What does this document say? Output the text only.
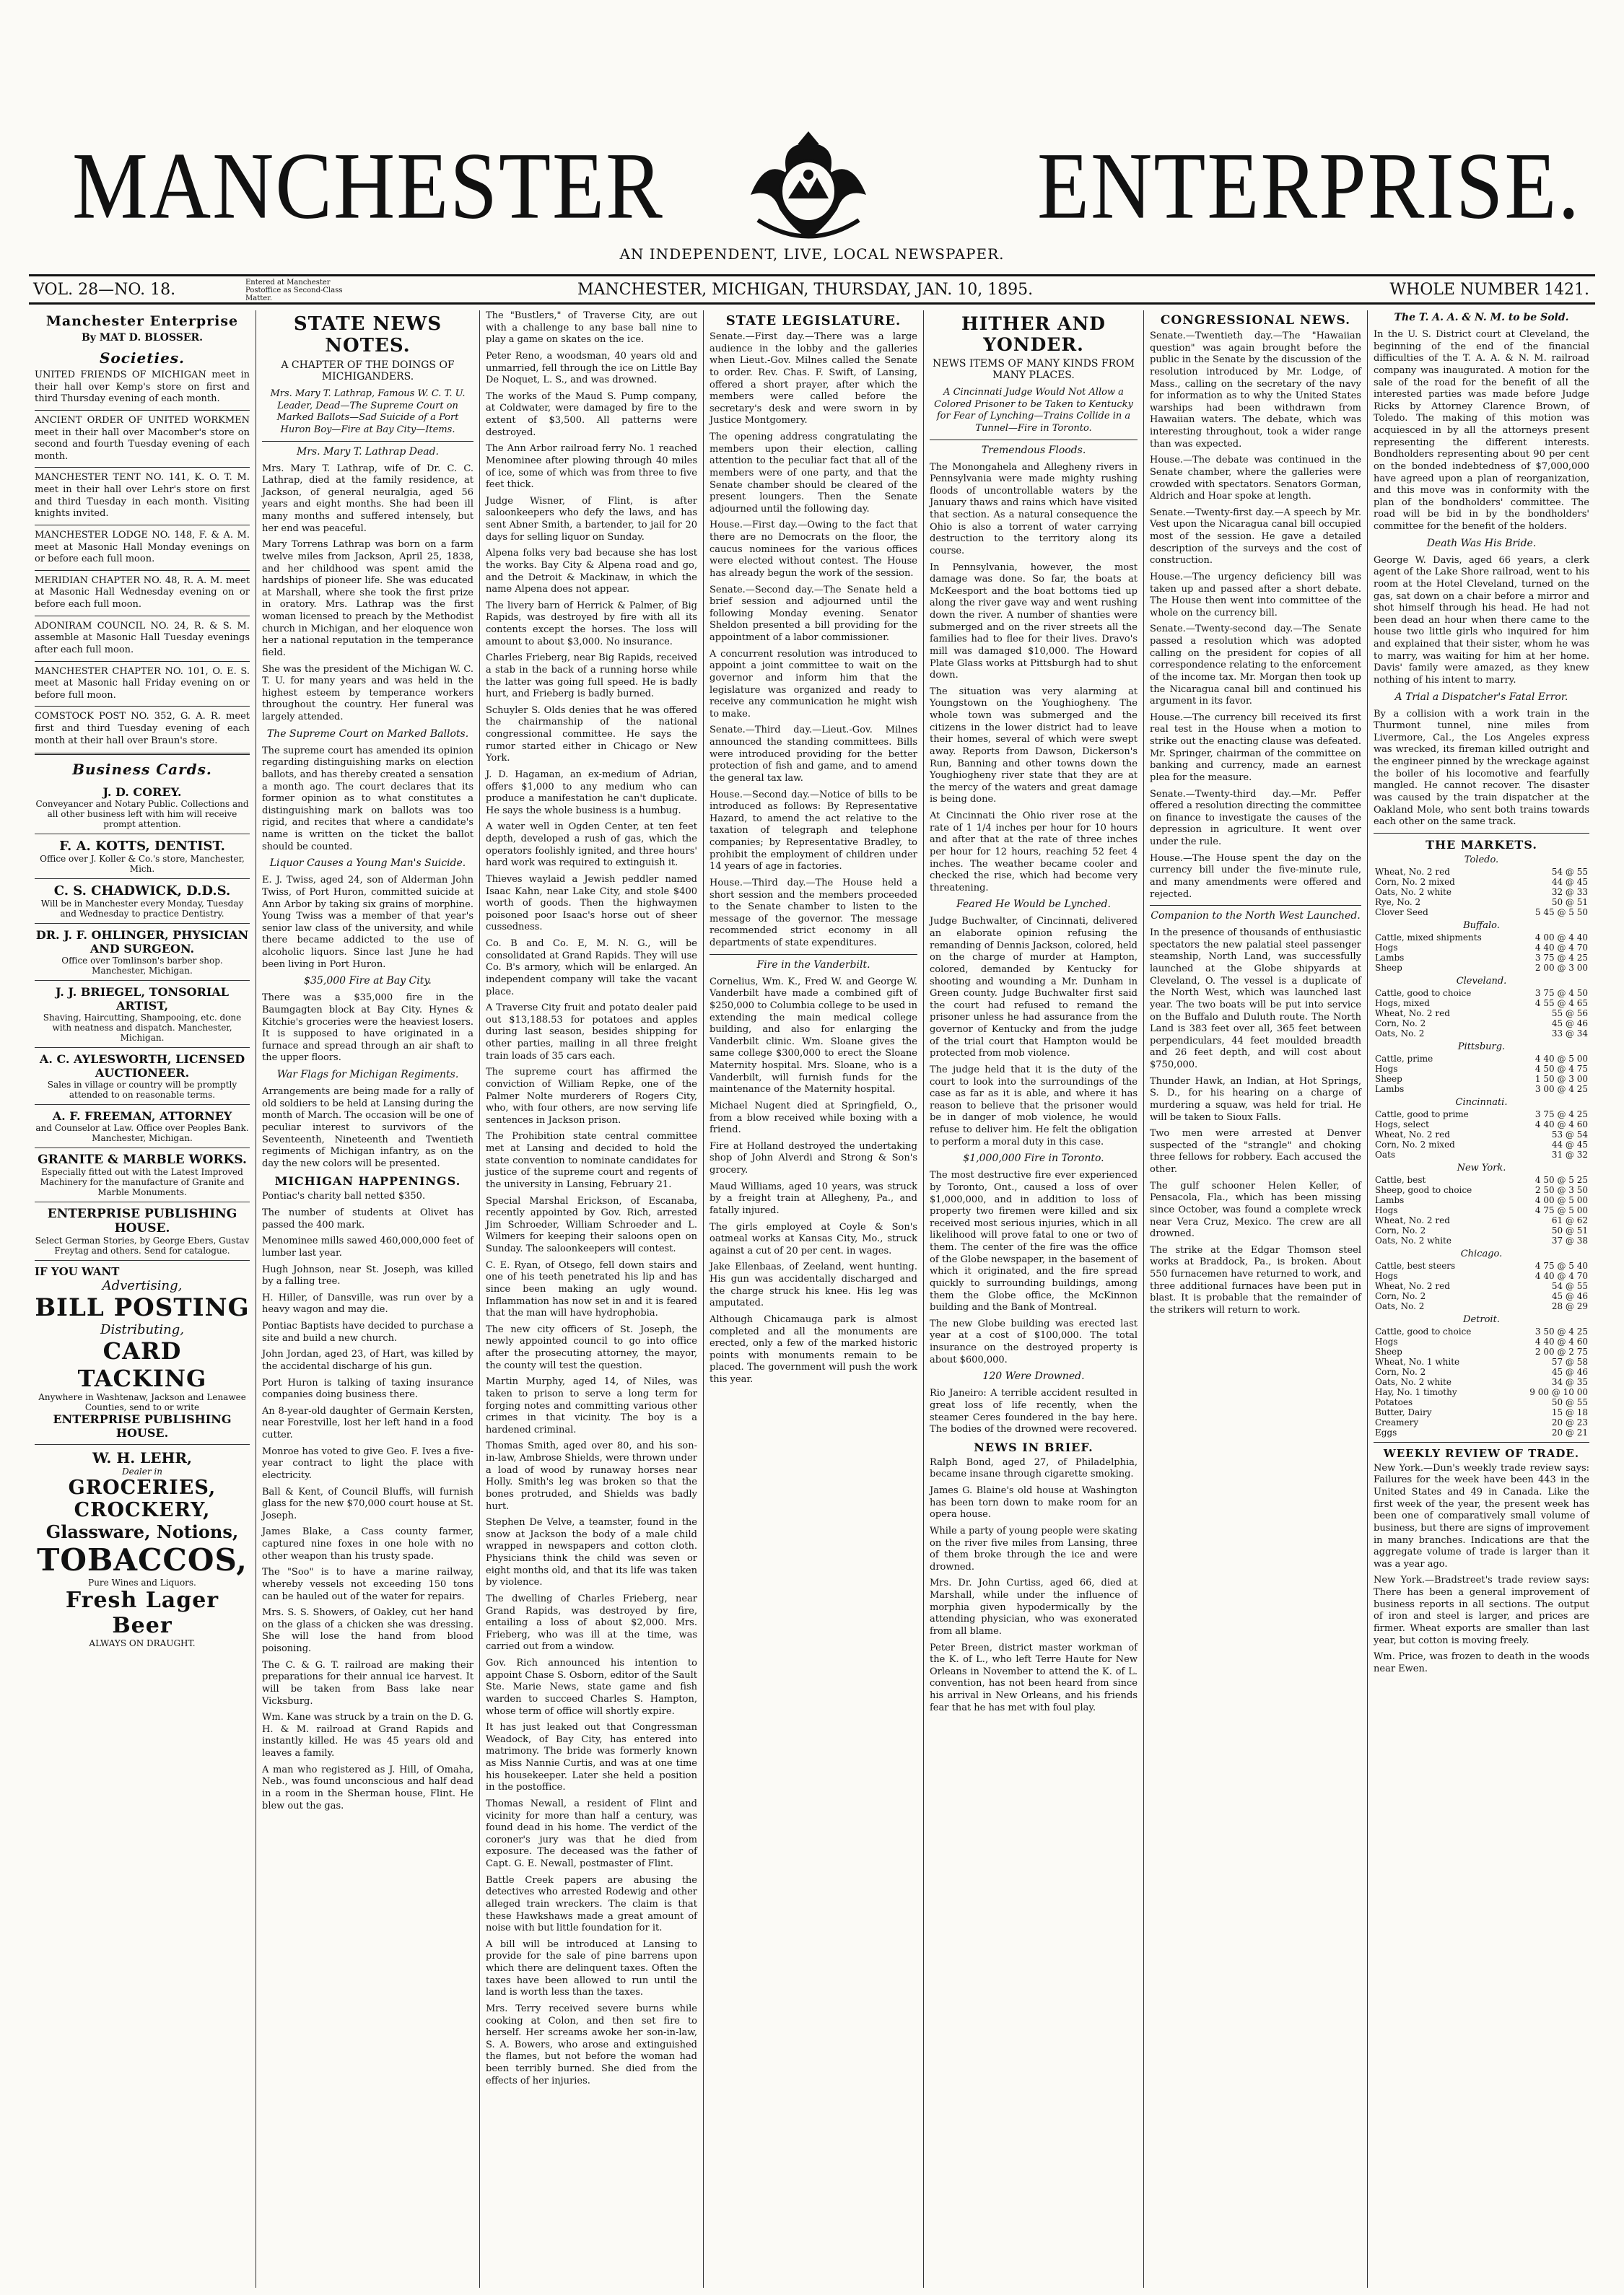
MANCHESTER	ENTERPRISE.
AN INDEPENDENT, LIVE, LOCAL NEWSPAPER.
VOL. 28—NO. 18.	Entered at Manchester Postoffice as Second-Class Matter.	MANCHESTER, MICHIGAN, THURSDAY, JAN. 10, 1895.	WHOLE NUMBER 1421.
Manchester Enterprise
By MAT D. BLOSSER.
Societies.
UNITED FRIENDS OF MICHIGAN meet in their hall over Kemp's store on first and third Thursday evening of each month.
ANCIENT ORDER OF UNITED WORKMEN meet in their hall over Macomber's store on second and fourth Tuesday evening of each month.
MANCHESTER TENT NO. 141, K. O. T. M. meet in their hall over Lehr's store on first and third Tuesday in each month. Visiting knights invited.
MANCHESTER LODGE NO. 148, F. & A. M. meet at Masonic Hall Monday evenings on or before each full moon.
MERIDIAN CHAPTER NO. 48, R. A. M. meet at Masonic Hall Wednesday evening on or before each full moon.
ADONIRAM COUNCIL NO. 24, R. & S. M. assemble at Masonic Hall Tuesday evenings after each full moon.
MANCHESTER CHAPTER NO. 101, O. E. S. meet at Masonic hall Friday evening on or before full moon.
COMSTOCK POST NO. 352, G. A. R. meet first and third Tuesday evening of each month at their hall over Braun's store.
Business Cards.
J. D. COREY.
Conveyancer and Notary Public. Collections and all other business left with him will receive prompt attention.
F. A. KOTTS, DENTIST.
Office over J. Koller & Co.'s store, Manchester, Mich.
C. S. CHADWICK, D.D.S.
Will be in Manchester every Monday, Tuesday and Wednesday to practice Dentistry.
DR. J. F. OHLINGER, PHYSICIAN AND SURGEON.
Office over Tomlinson's barber shop. Manchester, Michigan.
J. J. BRIEGEL, TONSORIAL ARTIST,
Shaving, Haircutting, Shampooing, etc. done with neatness and dispatch. Manchester, Michigan.
A. C. AYLESWORTH, LICENSED AUCTIONEER.
Sales in village or country will be promptly attended to on reasonable terms.
A. F. FREEMAN, ATTORNEY
and Counselor at Law. Office over Peoples Bank. Manchester, Michigan.
GRANITE & MARBLE WORKS.
Especially fitted out with the Latest Improved Machinery for the manufacture of Granite and Marble Monuments.
ENTERPRISE PUBLISHING HOUSE.
Select German Stories, by George Ebers, Gustav Freytag and others. Send for catalogue.
IF YOU WANT
Advertising,
BILL POSTING
Distributing,
CARD TACKING
Anywhere in Washtenaw, Jackson and Lenawee Counties, send to or write
ENTERPRISE PUBLISHING HOUSE.
W. H. LEHR,
Dealer in
GROCERIES, CROCKERY,
Glassware, Notions,
TOBACCOS,
Pure Wines and Liquors.
Fresh Lager Beer
ALWAYS ON DRAUGHT.
STATE NEWS NOTES.
A CHAPTER OF THE DOINGS OF MICHIGANDERS.
Mrs. Mary T. Lathrap, Famous W. C. T. U. Leader, Dead—The Supreme Court on Marked Ballots—Sad Suicide of a Port Huron Boy—Fire at Bay City—Items.
Mrs. Mary T. Lathrap Dead.
Mrs. Mary T. Lathrap, wife of Dr. C. C. Lathrap, died at the family residence, at Jackson, of general neuralgia, aged 56 years and eight months. She had been ill many months and suffered intensely, but her end was peaceful.
Mary Torrens Lathrap was born on a farm twelve miles from Jackson, April 25, 1838, and her childhood was spent amid the hardships of pioneer life. She was educated at Marshall, where she took the first prize in oratory. Mrs. Lathrap was the first woman licensed to preach by the Methodist church in Michigan, and her eloquence won her a national reputation in the temperance field.
She was the president of the Michigan W. C. T. U. for many years and was held in the highest esteem by temperance workers throughout the country. Her funeral was largely attended.
The Supreme Court on Marked Ballots.
The supreme court has amended its opinion regarding distinguishing marks on election ballots, and has thereby created a sensation a month ago. The court declares that its former opinion as to what constitutes a distinguishing mark on ballots was too rigid, and recites that where a candidate's name is written on the ticket the ballot should be counted.
Liquor Causes a Young Man's Suicide.
E. J. Twiss, aged 24, son of Alderman John Twiss, of Port Huron, committed suicide at Ann Arbor by taking six grains of morphine. Young Twiss was a member of that year's senior law class of the university, and while there became addicted to the use of alcoholic liquors. Since last June he had been living in Port Huron.
$35,000 Fire at Bay City.
There was a $35,000 fire in the Baumgagten block at Bay City. Hynes & Kitchie's groceries were the heaviest losers. It is supposed to have originated in a furnace and spread through an air shaft to the upper floors.
War Flags for Michigan Regiments.
Arrangements are being made for a rally of old soldiers to be held at Lansing during the month of March. The occasion will be one of peculiar interest to survivors of the Seventeenth, Nineteenth and Twentieth regiments of Michigan infantry, as on the day the new colors will be presented.
MICHIGAN HAPPENINGS.
Pontiac's charity ball netted $350.
The number of students at Olivet has passed the 400 mark.
Menominee mills sawed 460,000,000 feet of lumber last year.
Hugh Johnson, near St. Joseph, was killed by a falling tree.
H. Hiller, of Dansville, was run over by a heavy wagon and may die.
Pontiac Baptists have decided to purchase a site and build a new church.
John Jordan, aged 23, of Hart, was killed by the accidental discharge of his gun.
Port Huron is talking of taxing insurance companies doing business there.
An 8-year-old daughter of Germain Kersten, near Forestville, lost her left hand in a food cutter.
Monroe has voted to give Geo. F. Ives a five-year contract to light the place with electricity.
Ball & Kent, of Council Bluffs, will furnish glass for the new $70,000 court house at St. Joseph.
James Blake, a Cass county farmer, captured nine foxes in one hole with no other weapon than his trusty spade.
The "Soo" is to have a marine railway, whereby vessels not exceeding 150 tons can be hauled out of the water for repairs.
Mrs. S. S. Showers, of Oakley, cut her hand on the glass of a chicken she was dressing. She will lose the hand from blood poisoning.
The C. & G. T. railroad are making their preparations for their annual ice harvest. It will be taken from Bass lake near Vicksburg.
Wm. Kane was struck by a train on the D. G. H. & M. railroad at Grand Rapids and instantly killed. He was 45 years old and leaves a family.
A man who registered as J. Hill, of Omaha, Neb., was found unconscious and half dead in a room in the Sherman house, Flint. He blew out the gas.
The "Bustlers," of Traverse City, are out with a challenge to any base ball nine to play a game on skates on the ice.
Peter Reno, a woodsman, 40 years old and unmarried, fell through the ice on Little Bay De Noquet, L. S., and was drowned.
The works of the Maud S. Pump company, at Coldwater, were damaged by fire to the extent of $3,500. All patterns were destroyed.
The Ann Arbor railroad ferry No. 1 reached Menominee after plowing through 40 miles of ice, some of which was from three to five feet thick.
Judge Wisner, of Flint, is after saloonkeepers who defy the laws, and has sent Abner Smith, a bartender, to jail for 20 days for selling liquor on Sunday.
Alpena folks very bad because she has lost the works. Bay City & Alpena road and go, and the Detroit & Mackinaw, in which the name Alpena does not appear.
The livery barn of Herrick & Palmer, of Big Rapids, was destroyed by fire with all its contents except the horses. The loss will amount to about $3,000. No insurance.
Charles Frieberg, near Big Rapids, received a stab in the back of a running horse while the latter was going full speed. He is badly hurt, and Frieberg is badly burned.
Schuyler S. Olds denies that he was offered the chairmanship of the national congressional committee. He says the rumor started either in Chicago or New York.
J. D. Hagaman, an ex-medium of Adrian, offers $1,000 to any medium who can produce a manifestation he can't duplicate. He says the whole business is a humbug.
A water well in Ogden Center, at ten feet depth, developed a rush of gas, which the operators foolishly ignited, and three hours' hard work was required to extinguish it.
Thieves waylaid a Jewish peddler named Isaac Kahn, near Lake City, and stole $400 worth of goods. Then the highwaymen poisoned poor Isaac's horse out of sheer cussedness.
Co. B and Co. E, M. N. G., will be consolidated at Grand Rapids. They will use Co. B's armory, which will be enlarged. An independent company will take the vacant place.
A Traverse City fruit and potato dealer paid out $13,188.53 for potatoes and apples during last season, besides shipping for other parties, mailing in all three freight train loads of 35 cars each.
The supreme court has affirmed the conviction of William Repke, one of the Palmer Nolte murderers of Rogers City, who, with four others, are now serving life sentences in Jackson prison.
The Prohibition state central committee met at Lansing and decided to hold the state convention to nominate candidates for justice of the supreme court and regents of the university in Lansing, February 21.
Special Marshal Erickson, of Escanaba, recently appointed by Gov. Rich, arrested Jim Schroeder, William Schroeder and L. Wilmers for keeping their saloons open on Sunday. The saloonkeepers will contest.
C. E. Ryan, of Otsego, fell down stairs and one of his teeth penetrated his lip and has since been making an ugly wound. Inflammation has now set in and it is feared that the man will have hydrophobia.
The new city officers of St. Joseph, the newly appointed council to go into office after the prosecuting attorney, the mayor, the county will test the question.
Martin Murphy, aged 14, of Niles, was taken to prison to serve a long term for forging notes and committing various other crimes in that vicinity. The boy is a hardened criminal.
Thomas Smith, aged over 80, and his son-in-law, Ambrose Shields, were thrown under a load of wood by runaway horses near Holly. Smith's leg was broken so that the bones protruded, and Shields was badly hurt.
Stephen De Velve, a teamster, found in the snow at Jackson the body of a male child wrapped in newspapers and cotton cloth. Physicians think the child was seven or eight months old, and that its life was taken by violence.
The dwelling of Charles Frieberg, near Grand Rapids, was destroyed by fire, entailing a loss of about $2,000. Mrs. Frieberg, who was ill at the time, was carried out from a window.
Gov. Rich announced his intention to appoint Chase S. Osborn, editor of the Sault Ste. Marie News, state game and fish warden to succeed Charles S. Hampton, whose term of office will shortly expire.
It has just leaked out that Congressman Weadock, of Bay City, has entered into matrimony. The bride was formerly known as Miss Nannie Curtis, and was at one time his housekeeper. Later she held a position in the postoffice.
Thomas Newall, a resident of Flint and vicinity for more than half a century, was found dead in his home. The verdict of the coroner's jury was that he died from exposure. The deceased was the father of Capt. G. E. Newall, postmaster of Flint.
Battle Creek papers are abusing the detectives who arrested Rodewig and other alleged train wreckers. The claim is that these Hawkshaws made a great amount of noise with but little foundation for it.
A bill will be introduced at Lansing to provide for the sale of pine barrens upon which there are delinquent taxes. Often the taxes have been allowed to run until the land is worth less than the taxes.
Mrs. Terry received severe burns while cooking at Colon, and then set fire to herself. Her screams awoke her son-in-law, S. A. Bowers, who arose and extinguished the flames, but not before the woman had been terribly burned. She died from the effects of her injuries.
STATE LEGISLATURE.
Senate.—First day.—There was a large audience in the lobby and the galleries when Lieut.-Gov. Milnes called the Senate to order. Rev. Chas. F. Swift, of Lansing, offered a short prayer, after which the members were called before the secretary's desk and were sworn in by Justice Montgomery.
The opening address congratulating the members upon their election, calling attention to the peculiar fact that all of the members were of one party, and that the Senate chamber should be cleared of the present loungers. Then the Senate adjourned until the following day.
House.—First day.—Owing to the fact that there are no Democrats on the floor, the caucus nominees for the various offices were elected without contest. The House has already begun the work of the session.
Senate.—Second day.—The Senate held a brief session and adjourned until the following Monday evening. Senator Sheldon presented a bill providing for the appointment of a labor commissioner.
A concurrent resolution was introduced to appoint a joint committee to wait on the governor and inform him that the legislature was organized and ready to receive any communication he might wish to make.
Senate.—Third day.—Lieut.-Gov. Milnes announced the standing committees. Bills were introduced providing for the better protection of fish and game, and to amend the general tax law.
House.—Second day.—Notice of bills to be introduced as follows: By Representative Hazard, to amend the act relative to the taxation of telegraph and telephone companies; by Representative Bradley, to prohibit the employment of children under 14 years of age in factories.
House.—Third day.—The House held a short session and the members proceeded to the Senate chamber to listen to the message of the governor. The message recommended strict economy in all departments of state expenditures.
Fire in the Vanderbilt.
Cornelius, Wm. K., Fred W. and George W. Vanderbilt have made a combined gift of $250,000 to Columbia college to be used in extending the main medical college building, and also for enlarging the Vanderbilt clinic. Wm. Sloane gives the same college $300,000 to erect the Sloane Maternity hospital. Mrs. Sloane, who is a Vanderbilt, will furnish funds for the maintenance of the Maternity hospital.
Michael Nugent died at Springfield, O., from a blow received while boxing with a friend.
Fire at Holland destroyed the undertaking shop of John Alverdi and Strong & Son's grocery.
Maud Williams, aged 10 years, was struck by a freight train at Allegheny, Pa., and fatally injured.
The girls employed at Coyle & Son's oatmeal works at Kansas City, Mo., struck against a cut of 20 per cent. in wages.
Jake Ellenbaas, of Zeeland, went hunting. His gun was accidentally discharged and the charge struck his knee. His leg was amputated.
Although Chicamauga park is almost completed and all the monuments are erected, only a few of the marked historic points with monuments remain to be placed. The government will push the work this year.
HITHER AND YONDER.
NEWS ITEMS OF MANY KINDS FROM MANY PLACES.
A Cincinnati Judge Would Not Allow a Colored Prisoner to be Taken to Kentucky for Fear of Lynching—Trains Collide in a Tunnel—Fire in Toronto.
Tremendous Floods.
The Monongahela and Allegheny rivers in Pennsylvania were made mighty rushing floods of uncontrollable waters by the January thaws and rains which have visited that section. As a natural consequence the Ohio is also a torrent of water carrying destruction to the territory along its course.
In Pennsylvania, however, the most damage was done. So far, the boats at McKeesport and the boat bottoms tied up along the river gave way and went rushing down the river. A number of shanties were submerged and on the river streets all the families had to flee for their lives. Dravo's mill was damaged $10,000. The Howard Plate Glass works at Pittsburgh had to shut down.
The situation was very alarming at Youngstown on the Youghiogheny. The whole town was submerged and the citizens in the lower district had to leave their homes, several of which were swept away. Reports from Dawson, Dickerson's Run, Banning and other towns down the Youghiogheny river state that they are at the mercy of the waters and great damage is being done.
At Cincinnati the Ohio river rose at the rate of 1 1/4 inches per hour for 10 hours and after that at the rate of three inches per hour for 12 hours, reaching 52 feet 4 inches. The weather became cooler and checked the rise, which had become very threatening.
Feared He Would be Lynched.
Judge Buchwalter, of Cincinnati, delivered an elaborate opinion refusing the remanding of Dennis Jackson, colored, held on the charge of murder at Hampton, colored, demanded by Kentucky for shooting and wounding a Mr. Dunham in Green county. Judge Buchwalter first said the court had refused to remand the prisoner unless he had assurance from the governor of Kentucky and from the judge of the trial court that Hampton would be protected from mob violence.
The judge held that it is the duty of the court to look into the surroundings of the case as far as it is able, and where it has reason to believe that the prisoner would be in danger of mob violence, he would refuse to deliver him. He felt the obligation to perform a moral duty in this case.
$1,000,000 Fire in Toronto.
The most destructive fire ever experienced by Toronto, Ont., caused a loss of over $1,000,000, and in addition to loss of property two firemen were killed and six received most serious injuries, which in all likelihood will prove fatal to one or two of them. The center of the fire was the office of the Globe newspaper, in the basement of which it originated, and the fire spread quickly to surrounding buildings, among them the Globe office, the McKinnon building and the Bank of Montreal.
The new Globe building was erected last year at a cost of $100,000. The total insurance on the destroyed property is about $600,000.
120 Were Drowned.
Rio Janeiro: A terrible accident resulted in great loss of life recently, when the steamer Ceres foundered in the bay here. The bodies of the drowned were recovered.
NEWS IN BRIEF.
Ralph Bond, aged 27, of Philadelphia, became insane through cigarette smoking.
James G. Blaine's old house at Washington has been torn down to make room for an opera house.
While a party of young people were skating on the river five miles from Lansing, three of them broke through the ice and were drowned.
Mrs. Dr. John Curtiss, aged 66, died at Marshall, while under the influence of morphia given hypodermically by the attending physician, who was exonerated from all blame.
Peter Breen, district master workman of the K. of L., who left Terre Haute for New Orleans in November to attend the K. of L. convention, has not been heard from since his arrival in New Orleans, and his friends fear that he has met with foul play.
CONGRESSIONAL NEWS.
Senate.—Twentieth day.—The "Hawaiian question" was again brought before the public in the Senate by the discussion of the resolution introduced by Mr. Lodge, of Mass., calling on the secretary of the navy for information as to why the United States warships had been withdrawn from Hawaiian waters. The debate, which was interesting throughout, took a wider range than was expected.
House.—The debate was continued in the Senate chamber, where the galleries were crowded with spectators. Senators Gorman, Aldrich and Hoar spoke at length.
Senate.—Twenty-first day.—A speech by Mr. Vest upon the Nicaragua canal bill occupied most of the session. He gave a detailed description of the surveys and the cost of construction.
House.—The urgency deficiency bill was taken up and passed after a short debate. The House then went into committee of the whole on the currency bill.
Senate.—Twenty-second day.—The Senate passed a resolution which was adopted calling on the president for copies of all correspondence relating to the enforcement of the income tax. Mr. Morgan then took up the Nicaragua canal bill and continued his argument in its favor.
House.—The currency bill received its first real test in the House when a motion to strike out the enacting clause was defeated. Mr. Springer, chairman of the committee on banking and currency, made an earnest plea for the measure.
Senate.—Twenty-third day.—Mr. Peffer offered a resolution directing the committee on finance to investigate the causes of the depression in agriculture. It went over under the rule.
House.—The House spent the day on the currency bill under the five-minute rule, and many amendments were offered and rejected.
Companion to the North West Launched.
In the presence of thousands of enthusiastic spectators the new palatial steel passenger steamship, North Land, was successfully launched at the Globe shipyards at Cleveland, O. The vessel is a duplicate of the North West, which was launched last year. The two boats will be put into service on the Buffalo and Duluth route. The North Land is 383 feet over all, 365 feet between perpendiculars, 44 feet moulded breadth and 26 feet depth, and will cost about $750,000.
Thunder Hawk, an Indian, at Hot Springs, S. D., for his hearing on a charge of murdering a squaw, was held for trial. He will be taken to Sioux Falls.
Two men were arrested at Denver suspected of the "strangle" and choking three fellows for robbery. Each accused the other.
The gulf schooner Helen Keller, of Pensacola, Fla., which has been missing since October, was found a complete wreck near Vera Cruz, Mexico. The crew are all drowned.
The strike at the Edgar Thomson steel works at Braddock, Pa., is broken. About 550 furnacemen have returned to work, and three additional furnaces have been put in blast. It is probable that the remainder of the strikers will return to work.
The T. A. A. & N. M. to be Sold.
In the U. S. District court at Cleveland, the beginning of the end of the financial difficulties of the T. A. A. & N. M. railroad company was inaugurated. A motion for the sale of the road for the benefit of all the interested parties was made before Judge Ricks by Attorney Clarence Brown, of Toledo. The making of this motion was acquiesced in by all the attorneys present representing the different interests. Bondholders representing about 90 per cent on the bonded indebtedness of $7,000,000 have agreed upon a plan of reorganization, and this move was in conformity with the plan of the bondholders' committee. The road will be bid in by the bondholders' committee for the benefit of the holders.
Death Was His Bride.
George W. Davis, aged 66 years, a clerk agent of the Lake Shore railroad, went to his room at the Hotel Cleveland, turned on the gas, sat down on a chair before a mirror and shot himself through his head. He had not been dead an hour when there came to the house two little girls who inquired for him and explained that their sister, whom he was to marry, was waiting for him at her home. Davis' family were amazed, as they knew nothing of his intent to marry.
A Trial a Dispatcher's Fatal Error.
By a collision with a work train in the Thurmont tunnel, nine miles from Livermore, Cal., the Los Angeles express was wrecked, its fireman killed outright and the engineer pinned by the wreckage against the boiler of his locomotive and fearfully mangled. He cannot recover. The disaster was caused by the train dispatcher at the Oakland Mole, who sent both trains towards each other on the same track.
THE MARKETS.
Toledo.
Wheat, No. 2 red	54 @ 55
Corn, No. 2 mixed	44 @ 45
Oats, No. 2 white	32 @ 33
Rye, No. 2	50 @ 51
Clover Seed	5 45 @ 5 50
Buffalo.
Cattle, mixed shipments	4 00 @ 4 40
Hogs	4 40 @ 4 70
Lambs	3 75 @ 4 25
Sheep	2 00 @ 3 00
Cleveland.
Cattle, good to choice	3 75 @ 4 50
Hogs, mixed	4 55 @ 4 65
Wheat, No. 2 red	55 @ 56
Corn, No. 2	45 @ 46
Oats, No. 2	33 @ 34
Pittsburg.
Cattle, prime	4 40 @ 5 00
Hogs	4 50 @ 4 75
Sheep	1 50 @ 3 00
Lambs	3 00 @ 4 25
Cincinnati.
Cattle, good to prime	3 75 @ 4 25
Hogs, select	4 40 @ 4 60
Wheat, No. 2 red	53 @ 54
Corn, No. 2 mixed	44 @ 45
Oats	31 @ 32
New York.
Cattle, best	4 50 @ 5 25
Sheep, good to choice	2 50 @ 3 50
Lambs	4 00 @ 5 00
Hogs	4 75 @ 5 00
Wheat, No. 2 red	61 @ 62
Corn, No. 2	50 @ 51
Oats, No. 2 white	37 @ 38
Chicago.
Cattle, best steers	4 75 @ 5 40
Hogs	4 40 @ 4 70
Wheat, No. 2 red	54 @ 55
Corn, No. 2	45 @ 46
Oats, No. 2	28 @ 29
Detroit.
Cattle, good to choice	3 50 @ 4 25
Hogs	4 40 @ 4 60
Sheep	2 00 @ 2 75
Wheat, No. 1 white	57 @ 58
Corn, No. 2	45 @ 46
Oats, No. 2 white	34 @ 35
Hay, No. 1 timothy	9 00 @ 10 00
Potatoes	50 @ 55
Butter, Dairy	15 @ 18
Creamery	20 @ 23
Eggs	20 @ 21
WEEKLY REVIEW OF TRADE.
New York.—Dun's weekly trade review says: Failures for the week have been 443 in the United States and 49 in Canada. Like the first week of the year, the present week has been one of comparatively small volume of business, but there are signs of improvement in many branches. Indications are that the aggregate volume of trade is larger than it was a year ago.
New York.—Bradstreet's trade review says: There has been a general improvement of business reports in all sections. The output of iron and steel is larger, and prices are firmer. Wheat exports are smaller than last year, but cotton is moving freely.
Wm. Price, was frozen to death in the woods near Ewen.
